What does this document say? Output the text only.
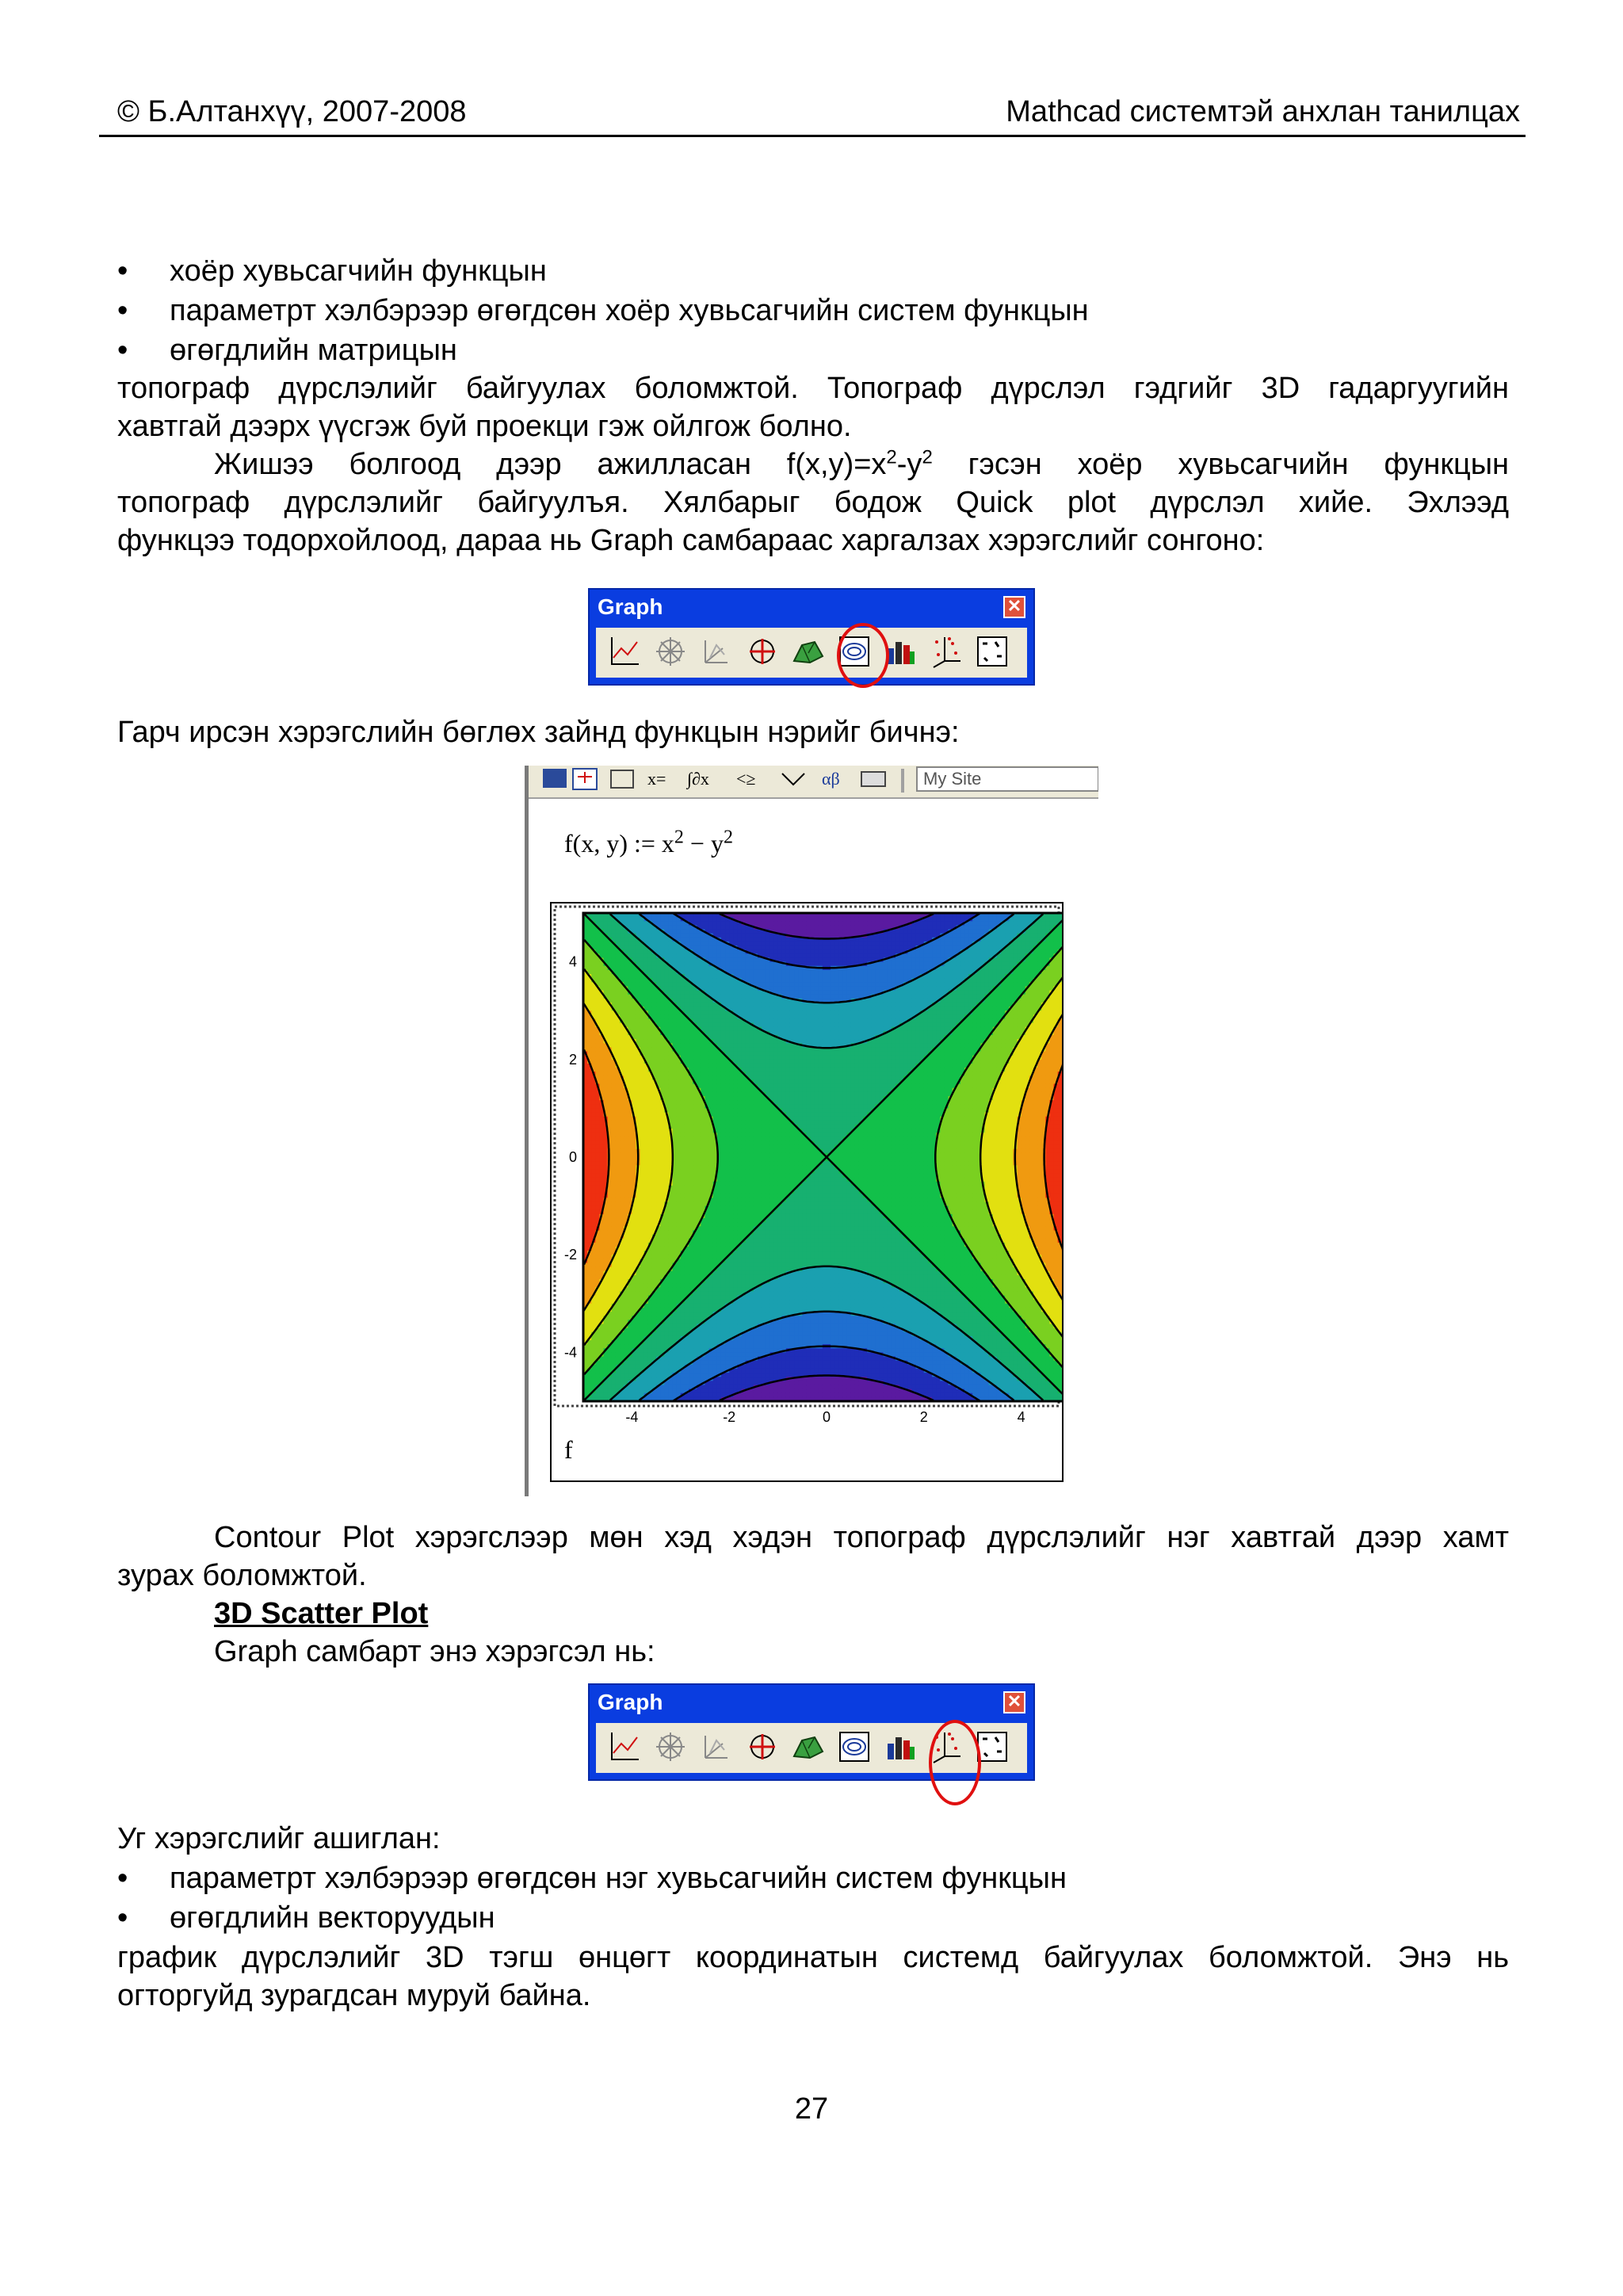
© Б.Алтанхүү, 2007-2008	Mathcad системтэй анхлан танилцах
• хоёр хувьсагчийн функцын
• параметрт хэлбэрээр өгөгдсөн хоёр хувьсагчийн систем функцын
• өгөгдлийн матрицын
топограф дүрслэлийг байгуулах боломжтой. Топограф дүрслэл гэдгийг 3D гадаргуугийн
хавтгай дээрх үүсгэж буй проекци гэж ойлгож болно.
Жишээ болгоод дээр ажилласан $f(x,y)=x^2-y^2$ гэсэн хоёр хувьсагчийн функцын
топограф дүрслэлийг байгуулъя. Хялбарыг бодож Quick plot дүрслэл хийе. Эхлээд
функцээ тодорхойлоод, дараа нь Graph самбараас харгалзах хэрэгслийг сонгоно:
Graph	✕
Гарч ирсэн хэрэгслийн бөглөх зайнд функцын нэрийг бичнэ:
x= ∫∂x <≥	αβ	My Site
f(x, y) := $x^2 - y^2$
-4	-2	0	2	4
4
2
0
-2
-4
f
Contour Plot хэрэгслээр мөн хэд хэдэн топограф дүрслэлийг нэг хавтгай дээр хамт
зурах боломжтой.
3D Scatter Plot
Graph самбарт энэ хэрэгсэл нь:
Graph	✕
Уг хэрэгслийг ашиглан:
• параметрт хэлбэрээр өгөгдсөн нэг хувьсагчийн систем функцын
• өгөгдлийн векторуудын
график дүрслэлийг 3D тэгш өнцөгт координатын системд байгуулах боломжтой. Энэ нь
огторгуйд зурагдсан муруй байна.
27
